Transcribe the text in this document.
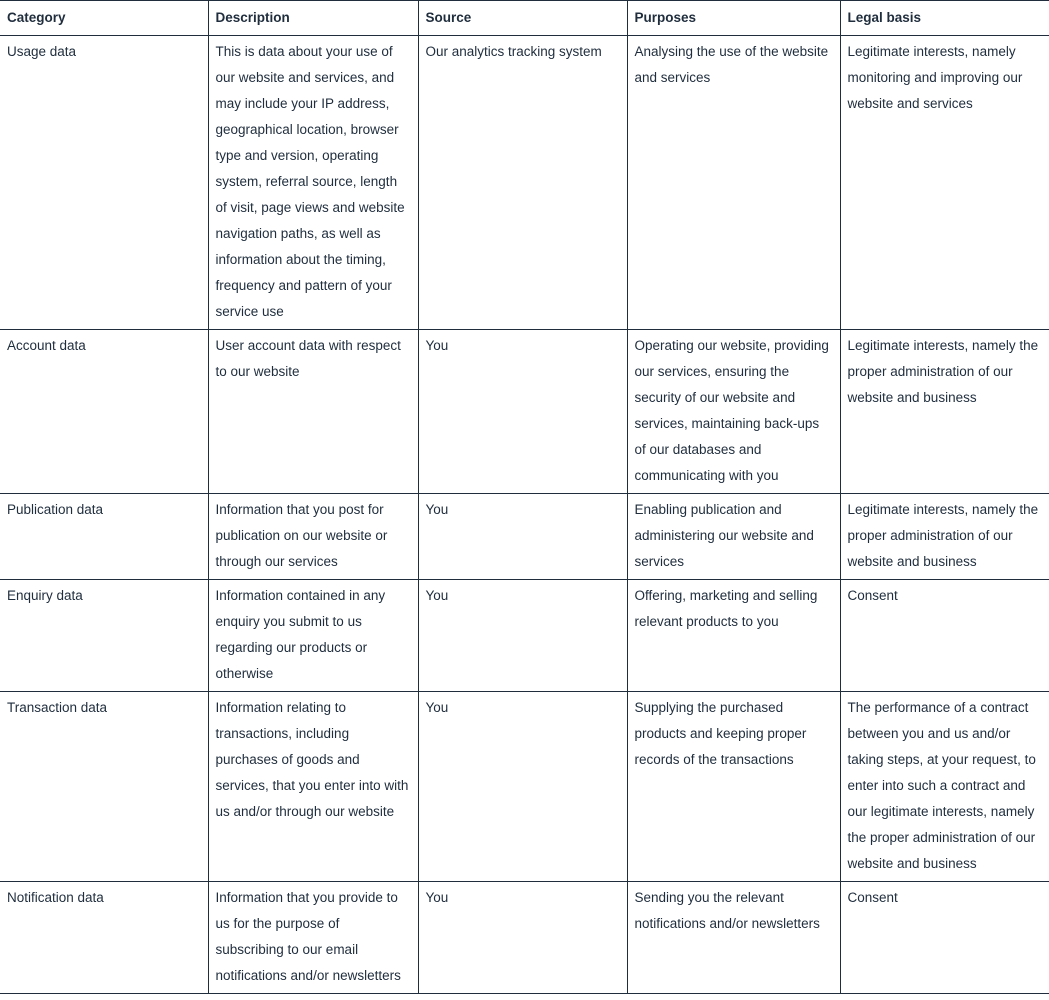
Category	Description	Source	Purposes	Legal basis
Usage data	This is data about your use of our website and services, and may include your IP address, geographical location, browser type and version, operating system, referral source, length of visit, page views and website navigation paths, as well as information about the timing, frequency and pattern of your service use	Our analytics tracking system	Analysing the use of the website and services	Legitimate interests, namely monitoring and improving our website and services
Account data	User account data with respect to our website	You	Operating our website, providing our services, ensuring the security of our website and services, maintaining back-ups of our databases and communicating with you	Legitimate interests, namely the proper administration of our website and business
Publication data	Information that you post for publication on our website or through our services	You	Enabling publication and administering our website and services	Legitimate interests, namely the proper administration of our website and business
Enquiry data	Information contained in any enquiry you submit to us regarding our products or otherwise	You	Offering, marketing and selling relevant products to you	Consent
Transaction data	Information relating to transactions, including purchases of goods and services, that you enter into with us and/or through our website	You	Supplying the purchased products and keeping proper records of the transactions	The performance of a contract between you and us and/or taking steps, at your request, to enter into such a contract and our legitimate interests, namely the proper administration of our website and business
Notification data	Information that you provide to us for the purpose of subscribing to our email notifications and/or newsletters	You	Sending you the relevant notifications and/or newsletters	Consent
